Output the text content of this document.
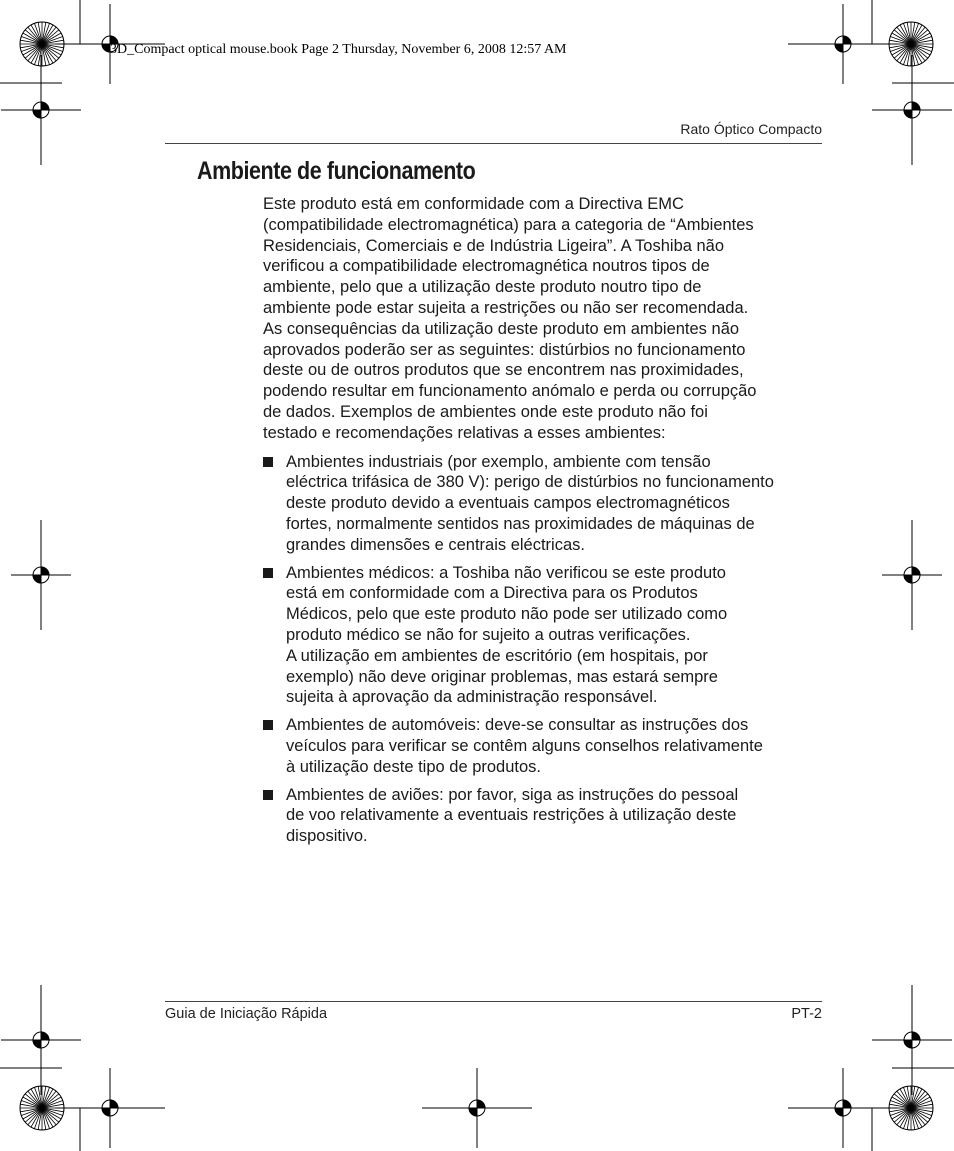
3D_Compact optical mouse.book Page 2 Thursday, November 6, 2008 12:57 AM
Rato Óptico Compacto
Ambiente de funcionamento

Este produto está em conformidade com a Directiva EMC
(compatibilidade electromagnética) para a categoria de “Ambientes
Residenciais, Comerciais e de Indústria Ligeira”. A Toshiba não
verificou a compatibilidade electromagnética noutros tipos de
ambiente, pelo que a utilização deste produto noutro tipo de
ambiente pode estar sujeita a restrições ou não ser recomendada.
As consequências da utilização deste produto em ambientes não
aprovados poderão ser as seguintes: distúrbios no funcionamento
deste ou de outros produtos que se encontrem nas proximidades,
podendo resultar em funcionamento anómalo e perda ou corrupção
de dados. Exemplos de ambientes onde este produto não foi
testado e recomendações relativas a esses ambientes:

Ambientes industriais (por exemplo, ambiente com tensão
eléctrica trifásica de 380 V): perigo de distúrbios no funcionamento
deste produto devido a eventuais campos electromagnéticos
fortes, normalmente sentidos nas proximidades de máquinas de
grandes dimensões e centrais eléctricas.
Ambientes médicos: a Toshiba não verificou se este produto
está em conformidade com a Directiva para os Produtos
Médicos, pelo que este produto não pode ser utilizado como
produto médico se não for sujeito a outras verificações.
A utilização em ambientes de escritório (em hospitais, por
exemplo) não deve originar problemas, mas estará sempre
sujeita à aprovação da administração responsável.
Ambientes de automóveis: deve-se consultar as instruções dos
veículos para verificar se contêm alguns conselhos relativamente
à utilização deste tipo de produtos.
Ambientes de aviões: por favor, siga as instruções do pessoal
de voo relativamente a eventuais restrições à utilização deste
dispositivo.
Guia de Iniciação Rápida	PT-2
